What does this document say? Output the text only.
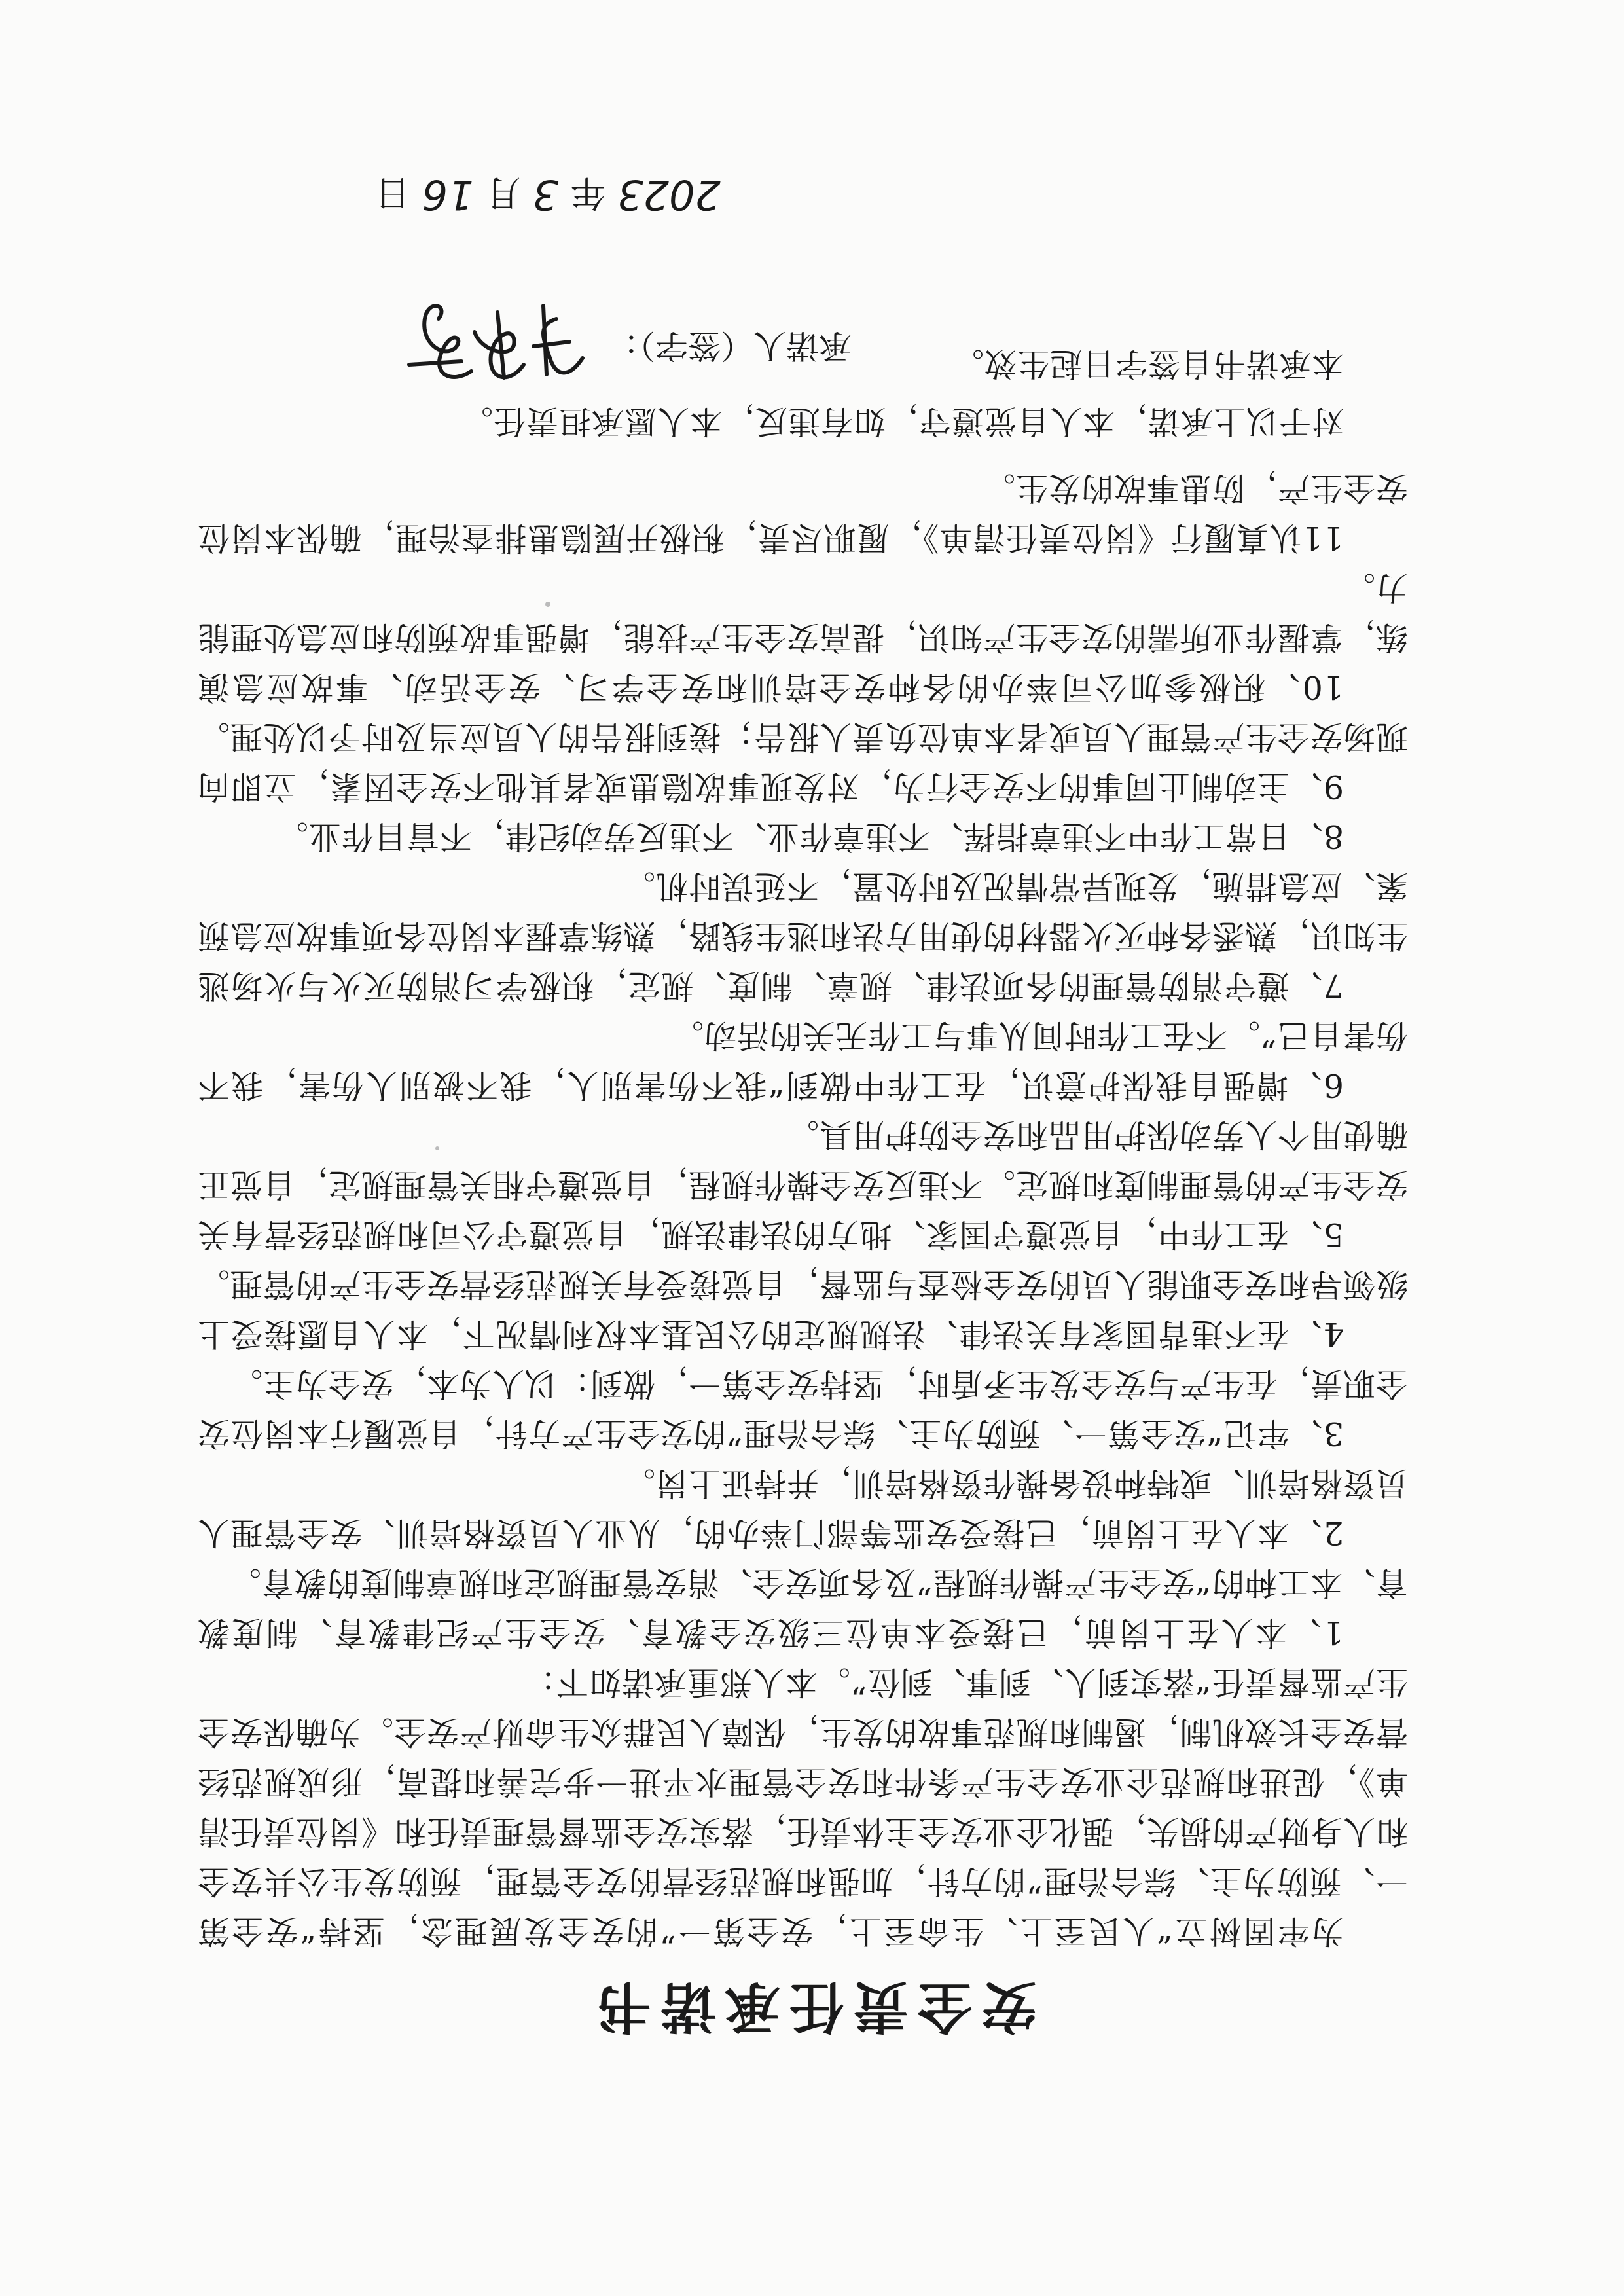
安全责任承诺书

为牢固树立“人民至上、生命至上，安全第一”的安全发展理念，坚持“安全第一、预防为主、综合治理”的方针，加强和规范经营的安全管理，预防发生公共安全和人身财产的损失，强化企业安全主体责任，落实安全监督管理责任和《岗位责任清单》，促进和规范企业安全生产条件和安全管理水平进一步完善和提高，形成规范经营安全长效机制，遏制和规范事故的发生，保障人民群众生命财产安全。为确保安全生产监督责任“落实到人、到事、到位”。本人郑重承诺如下：

1、本人在上岗前，已接受本单位三级安全教育、安全生产纪律教育、制度教育、本工种的“安全生产操作规程”及各项安全、消安管理规定和规章制度的教育。

2、本人在上岗前，已接受安监等部门举办的，从业人员资格培训、安全管理人员资格培训、或特种设备操作资格培训，并持证上岗。

3、牢记“安全第一、预防为主、综合治理”的安全生产方针，自觉履行本岗位安全职责，在生产与安全发生矛盾时，坚持安全第一，做到：以人为本，安全为主。

4、在不违背国家有关法律、法规规定的公民基本权利情况下，本人自愿接受上级领导和安全职能人员的安全检查与监督，自觉接受有关规范经营安全生产的管理。

5、在工作中，自觉遵守国家、地方的法律法规，自觉遵守公司和规范经营有关安全生产的管理制度和规定。不违反安全操作规程，自觉遵守相关管理规定，自觉正确使用个人劳动保护用品和安全防护用具。

6、增强自我保护意识，在工作中做到“我不伤害别人，我不被别人伤害，我不伤害自己”。不在工作时间从事与工作无关的活动。

7、遵守消防管理的各项法律、规章、制度、规定，积极学习消防灭火与火场逃生知识，熟悉各种灭火器材的使用方法和逃生线路，熟练掌握本岗位各项事故应急预案、应急措施，发现异常情况及时处置，不延误时机。

8、日常工作中不违章指挥、不违章作业、不违反劳动纪律，不盲目作业。

9、主动制止同事的不安全行为，对发现事故隐患或者其他不安全因素，立即向现场安全生产管理人员或者本单位负责人报告；接到报告的人员应当及时予以处理。

10、积极参加公司举办的各种安全培训和安全学习、安全活动、事故应急演练，掌握作业所需的安全生产知识，提高安全生产技能，增强事故预防和应急处理能力。

11认真履行《岗位责任清单》，履职尽责，积极开展隐患排查治理，确保本岗位安全生产，防患事故的发生。

对于以上承诺，本人自觉遵守，如有违反，本人愿承担责任。

本承诺书自签字日起生效。

承诺人（签字）：
2023
年
3
月
16
日
